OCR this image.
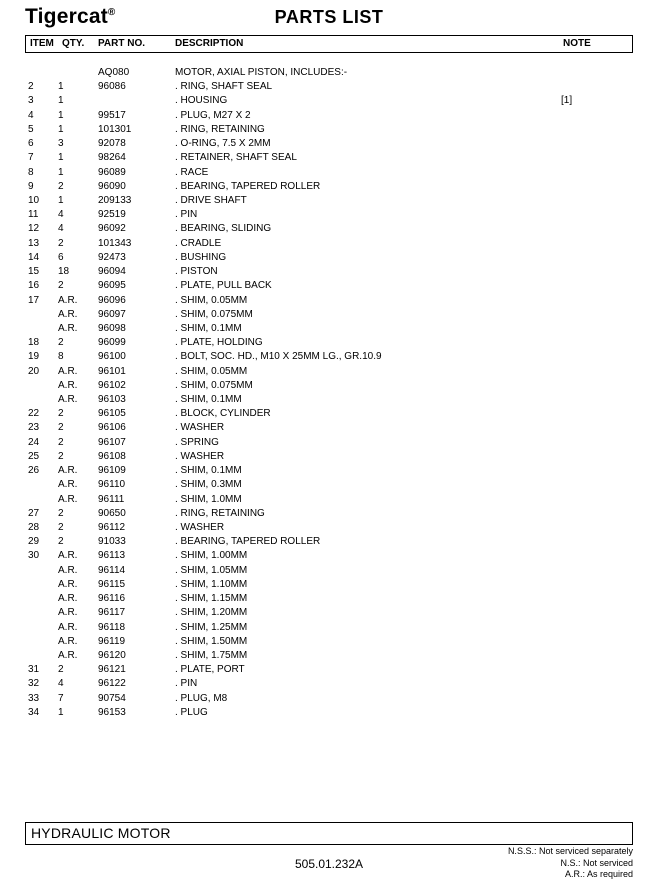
Tigercat®	PARTS LIST
ITEM QTY. PART NO.	DESCRIPTION	NOTE
AQ080	MOTOR, AXIAL PISTON, INCLUDES:-
2 1	96086	. RING, SHAFT SEAL
3 1	. HOUSING	[1]
4 1	99517	. PLUG, M27 X 2
5 1	101301	. RING, RETAINING
6 3	92078	. O-RING, 7.5 X 2MM
7 1	98264	. RETAINER, SHAFT SEAL
8 1	96089	. RACE
9 2	96090	. BEARING, TAPERED ROLLER
10 1	209133	. DRIVE SHAFT
11 4	92519	. PIN
12 4	96092	. BEARING, SLIDING
13 2	101343	. CRADLE
14 6	92473	. BUSHING
15 18	96094	. PISTON
16 2	96095	. PLATE, PULL BACK
17 A.R. 96096	. SHIM, 0.05MM
A.R. 96097	. SHIM, 0.075MM
A.R. 96098	. SHIM, 0.1MM
18 2	96099	. PLATE, HOLDING
19 8	96100	. BOLT, SOC. HD., M10 X 25MM LG., GR.10.9
20 A.R. 96101	. SHIM, 0.05MM
A.R. 96102	. SHIM, 0.075MM
A.R. 96103	. SHIM, 0.1MM
22 2	96105	. BLOCK, CYLINDER
23 2	96106	. WASHER
24 2	96107	. SPRING
25 2	96108	. WASHER
26 A.R. 96109	. SHIM, 0.1MM
A.R. 96110	. SHIM, 0.3MM
A.R. 96111	. SHIM, 1.0MM
27 2	90650	. RING, RETAINING
28 2	96112	. WASHER
29 2	91033	. BEARING, TAPERED ROLLER
30 A.R. 96113	. SHIM, 1.00MM
A.R. 96114	. SHIM, 1.05MM
A.R. 96115	. SHIM, 1.10MM
A.R. 96116	. SHIM, 1.15MM
A.R. 96117	. SHIM, 1.20MM
A.R. 96118	. SHIM, 1.25MM
A.R. 96119	. SHIM, 1.50MM
A.R. 96120	. SHIM, 1.75MM
31 2	96121	. PLATE, PORT
32 4	96122	. PIN
33 7	90754	. PLUG, M8
34 1	96153	. PLUG
HYDRAULIC MOTOR
N.S.S.: Not serviced separately
N.S.: Not serviced
A.R.: As required
505.01.232A
